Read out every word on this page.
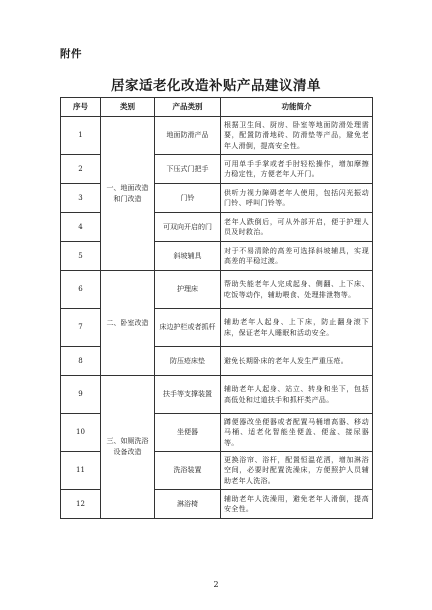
附件
居家适老化改造补贴产品建议清单
序号	类别	产品类别	功能简介
1	一、地面改造和门改造	地面防滑产品	根据卫生间、厨房、卧室等地面防滑处理需要，配置防滑地砖、防滑垫等产品，避免老年人滑倒，提高安全性。
2		下压式门把手	可用单手手掌或者手肘轻松操作，增加摩擦力稳定性，方便老年人开门。
3		门铃	供听力视力障碍老年人使用，包括闪光振动门铃、呼叫门铃等。
4		可双向开启的门	老年人跌倒后，可从外部开启，便于护理人员及时救治。
5		斜坡辅具	对于不易清除的高差可选择斜坡辅具，实现高差的平稳过渡。
6	二、卧室改造	护理床	帮助失能老年人完成起身、侧翻、上下床、吃饭等动作，辅助喂食、处理排泄物等。
7		床边护栏或者抓杆	辅助老年人起身、上下床，防止翻身滚下床，保证老年人睡眠和活动安全。
8		防压疮床垫	避免长期卧床的老年人发生严重压疮。
9	三、如厕洗浴设备改造	扶手等支撑装置	辅助老年人起身、站立、转身和坐下，包括高低处和过道扶手和抓杆类产品。
10		坐便器	蹲便器改坐便器或者配置马桶增高器、移动马桶、适老化智能坐便盖、便盆、接尿器等。
11		洗浴装置	更换浴帘、浴杆，配置恒温花洒，增加淋浴空间，必要时配置洗澡床，方便照护人员辅助老年人洗浴。
12		淋浴椅	辅助老年人洗澡用，避免老年人滑倒，提高安全性。
2
